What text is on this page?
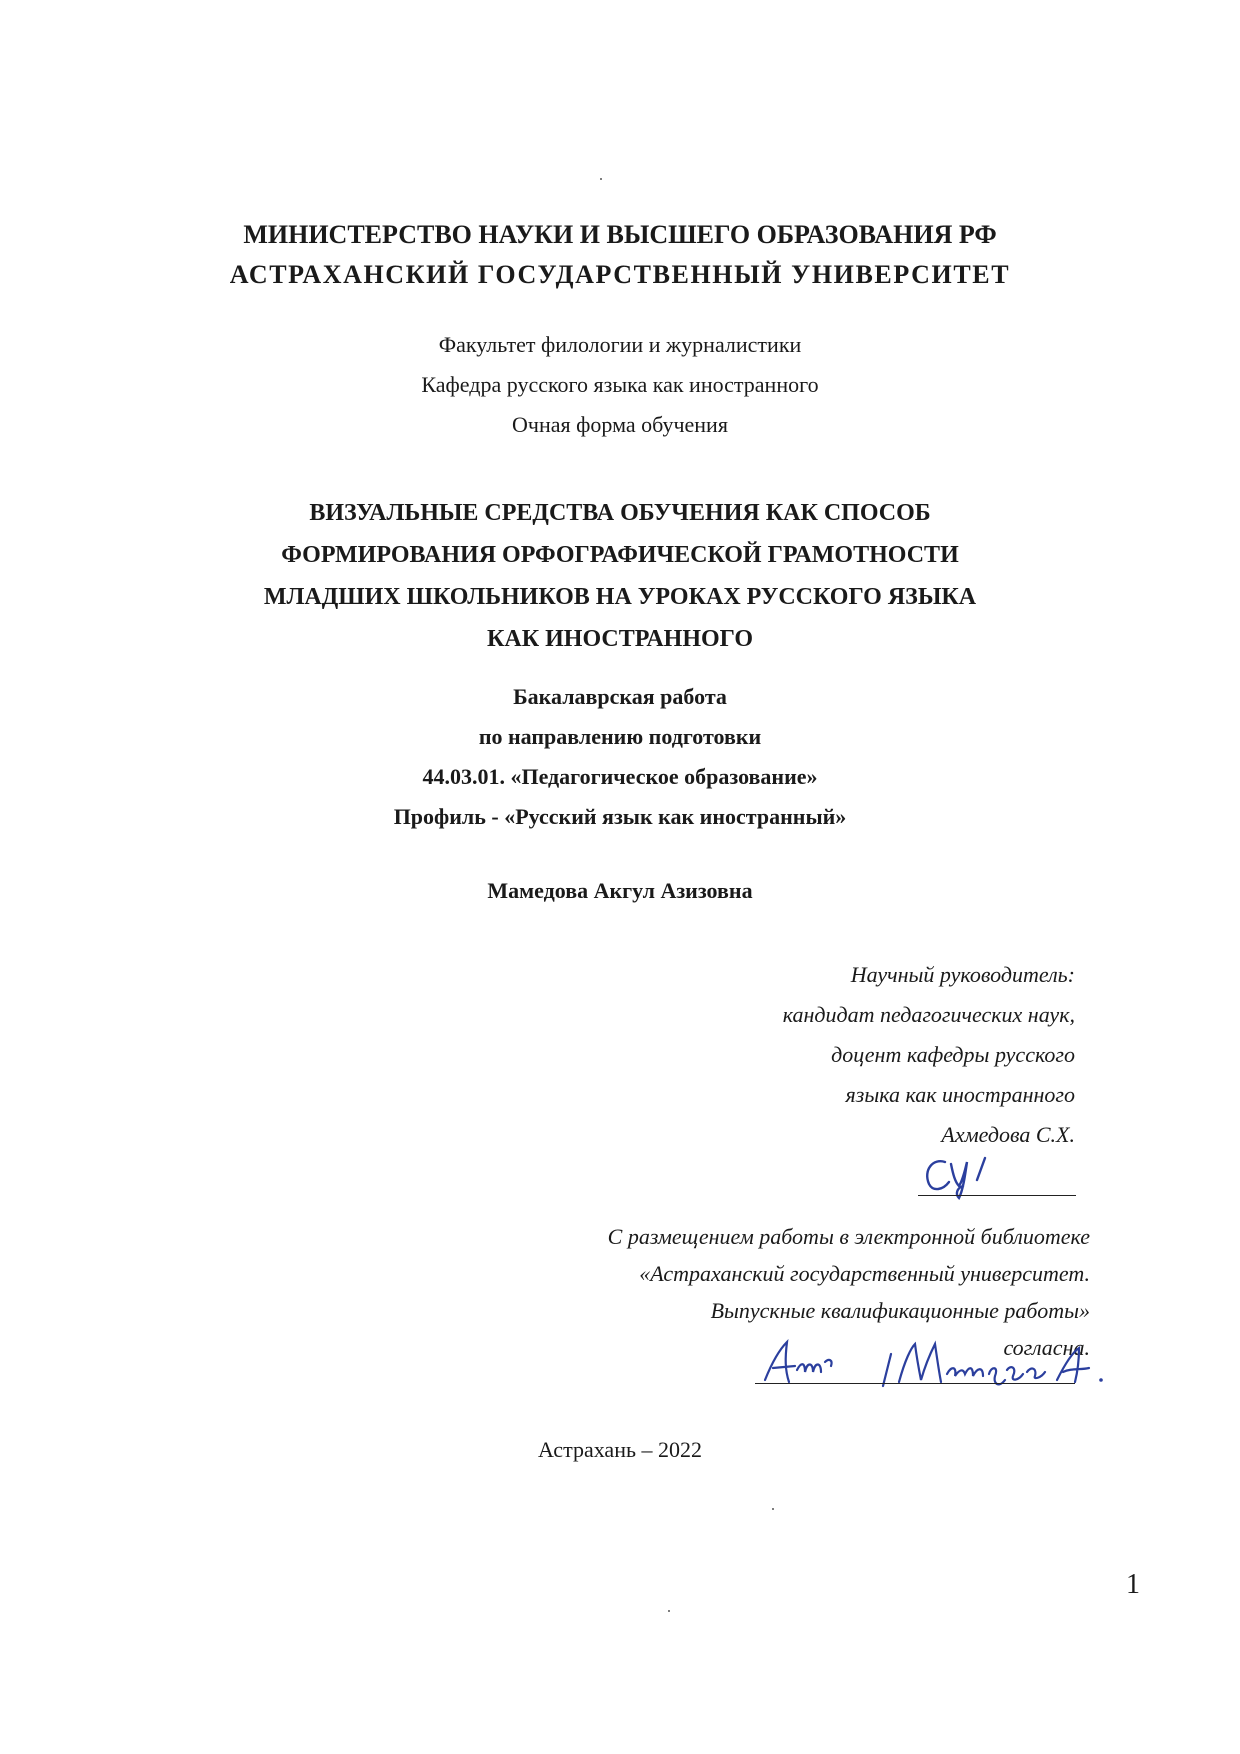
МИНИСТЕРСТВО НАУКИ И ВЫСШЕГО ОБРАЗОВАНИЯ РФ
АСТРАХАНСКИЙ ГОСУДАРСТВЕННЫЙ УНИВЕРСИТЕТ
Факультет филологии и журналистики
Кафедра русского языка как иностранного
Очная форма обучения
ВИЗУАЛЬНЫЕ СРЕДСТВА ОБУЧЕНИЯ КАК СПОСОБ
ФОРМИРОВАНИЯ ОРФОГРАФИЧЕСКОЙ ГРАМОТНОСТИ
МЛАДШИХ ШКОЛЬНИКОВ НА УРОКАХ РУССКОГО ЯЗЫКА
КАК ИНОСТРАННОГО
Бакалаврская работа
по направлению подготовки
44.03.01. «Педагогическое образование»
Профиль - «Русский язык как иностранный»
Мамедова Акгул Азизовна
Научный руководитель:
кандидат педагогических наук,
доцент кафедры русского
языка как иностранного
Ахмедова С.Х.
С размещением работы в электронной библиотеке
«Астраханский государственный университет.
Выпускные квалификационные работы»
согласна.
Астрахань – 2022
1
